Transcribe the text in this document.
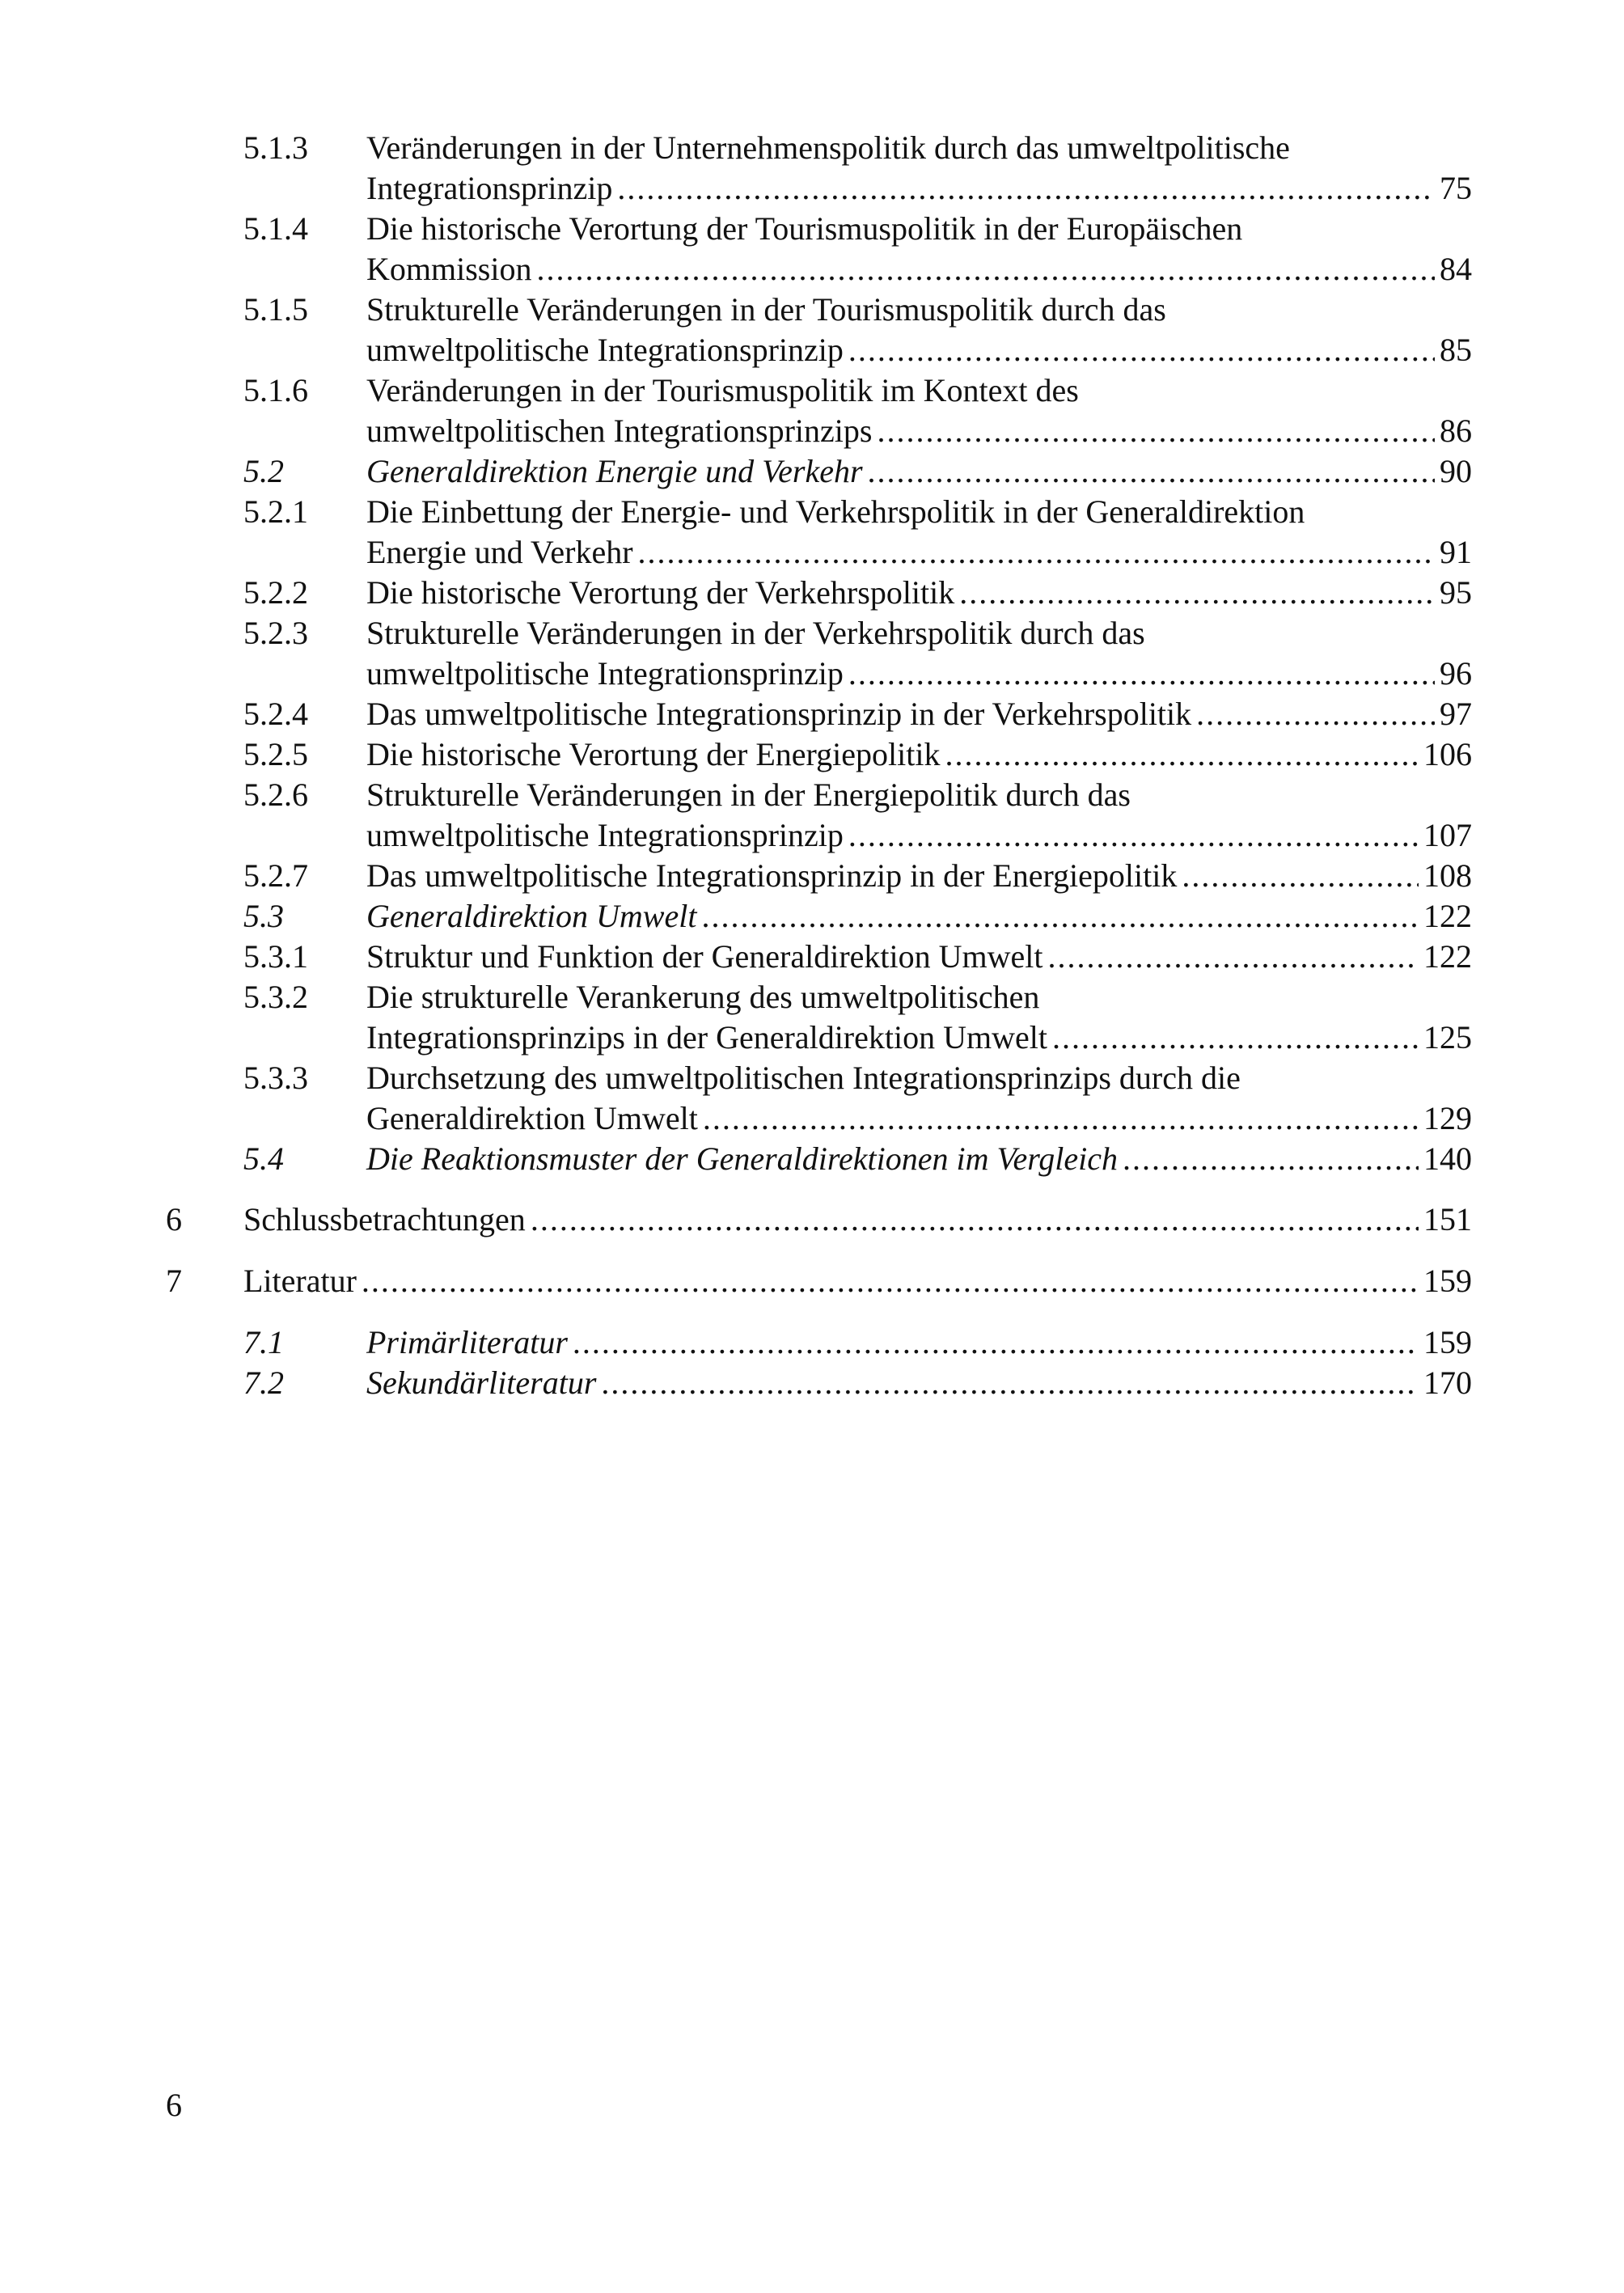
5.1.3 Veränderungen in der Unternehmenspolitik durch das umweltpolitische
Integrationsprinzip .....	75
5.1.4 Die historische Verortung der Tourismuspolitik in der Europäischen
Kommission .....	84
5.1.5 Strukturelle Veränderungen in der Tourismuspolitik durch das
umweltpolitische Integrationsprinzip .....	85
5.1.6 Veränderungen in der Tourismuspolitik im Kontext des
umweltpolitischen Integrationsprinzips .....	86
5.2	Generaldirektion Energie und Verkehr .....	90
5.2.1 Die Einbettung der Energie- und Verkehrspolitik in der Generaldirektion
Energie und Verkehr .....	91
5.2.2 Die historische Verortung der Verkehrspolitik .....	95
5.2.3 Strukturelle Veränderungen in der Verkehrspolitik durch das
umweltpolitische Integrationsprinzip .....	96
5.2.4 Das umweltpolitische Integrationsprinzip in der Verkehrspolitik .....	97
5.2.5 Die historische Verortung der Energiepolitik .....	106
5.2.6 Strukturelle Veränderungen in der Energiepolitik durch das
umweltpolitische Integrationsprinzip .....	107
5.2.7 Das umweltpolitische Integrationsprinzip in der Energiepolitik .....	108
5.3	Generaldirektion Umwelt .....	122
5.3.1 Struktur und Funktion der Generaldirektion Umwelt .....	122
5.3.2 Die strukturelle Verankerung des umweltpolitischen
Integrationsprinzips in der Generaldirektion Umwelt .....	125
5.3.3 Durchsetzung des umweltpolitischen Integrationsprinzips durch die
Generaldirektion Umwelt .....	129
5.4	Die Reaktionsmuster der Generaldirektionen im Vergleich .....	140
6 Schlussbetrachtungen .....	151
7 Literatur .....	159
7.1	Primärliteratur .....	159
7.2	Sekundärliteratur .....	170
6
